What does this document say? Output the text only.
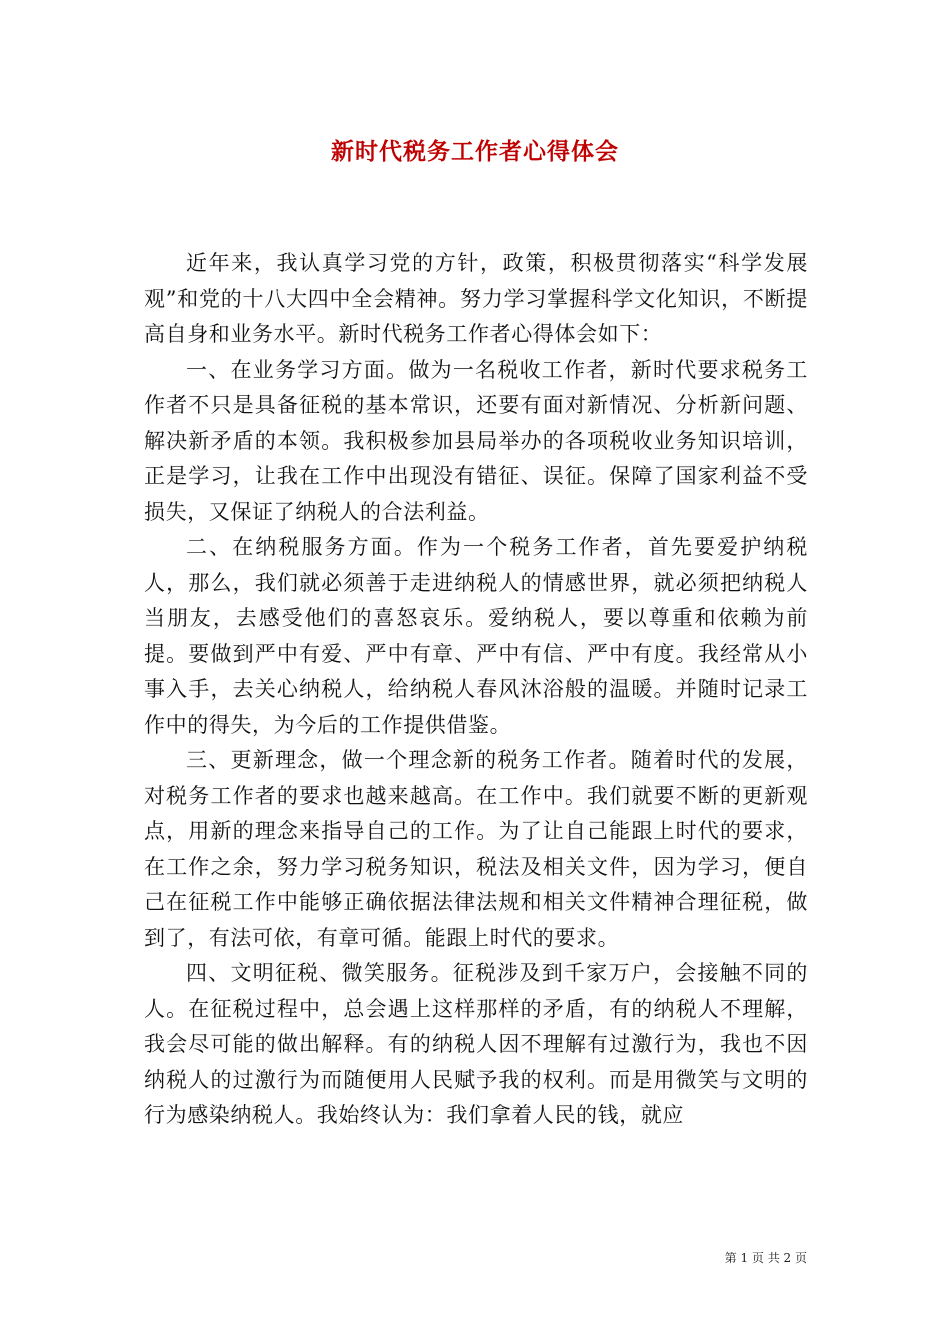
新时代税务工作者心得体会

近年来，我认真学习党的方针，政策，积极贯彻落实“科学发展观”和党的十八大四中全会精神。努力学习掌握科学文化知识，不断提高自身和业务水平。新时代税务工作者心得体会如下：

一、在业务学习方面。做为一名税收工作者，新时代要求税务工作者不只是具备征税的基本常识，还要有面对新情况、分析新问题、解决新矛盾的本领。我积极参加县局举办的各项税收业务知识培训，正是学习，让我在工作中出现没有错征、误征。保障了国家利益不受损失，又保证了纳税人的合法利益。

二、在纳税服务方面。作为一个税务工作者，首先要爱护纳税人，那么，我们就必须善于走进纳税人的情感世界，就必须把纳税人当朋友，去感受他们的喜怒哀乐。爱纳税人，要以尊重和依赖为前提。要做到严中有爱、严中有章、严中有信、严中有度。我经常从小事入手，去关心纳税人，给纳税人春风沐浴般的温暖。并随时记录工作中的得失，为今后的工作提供借鉴。

三、更新理念，做一个理念新的税务工作者。随着时代的发展，对税务工作者的要求也越来越高。在工作中。我们就要不断的更新观点，用新的理念来指导自己的工作。为了让自己能跟上时代的要求，在工作之余，努力学习税务知识，税法及相关文件，因为学习，便自己在征税工作中能够正确依据法律法规和相关文件精神合理征税，做到了，有法可依，有章可循。能跟上时代的要求。

四、文明征税、微笑服务。征税涉及到千家万户，会接触不同的人。在征税过程中，总会遇上这样那样的矛盾，有的纳税人不理解，我会尽可能的做出解释。有的纳税人因不理解有过激行为，我也不因纳税人的过激行为而随便用人民赋予我的权利。而是用微笑与文明的行为感染纳税人。我始终认为：我们拿着人民的钱，就应

第 1 页 共 2 页
